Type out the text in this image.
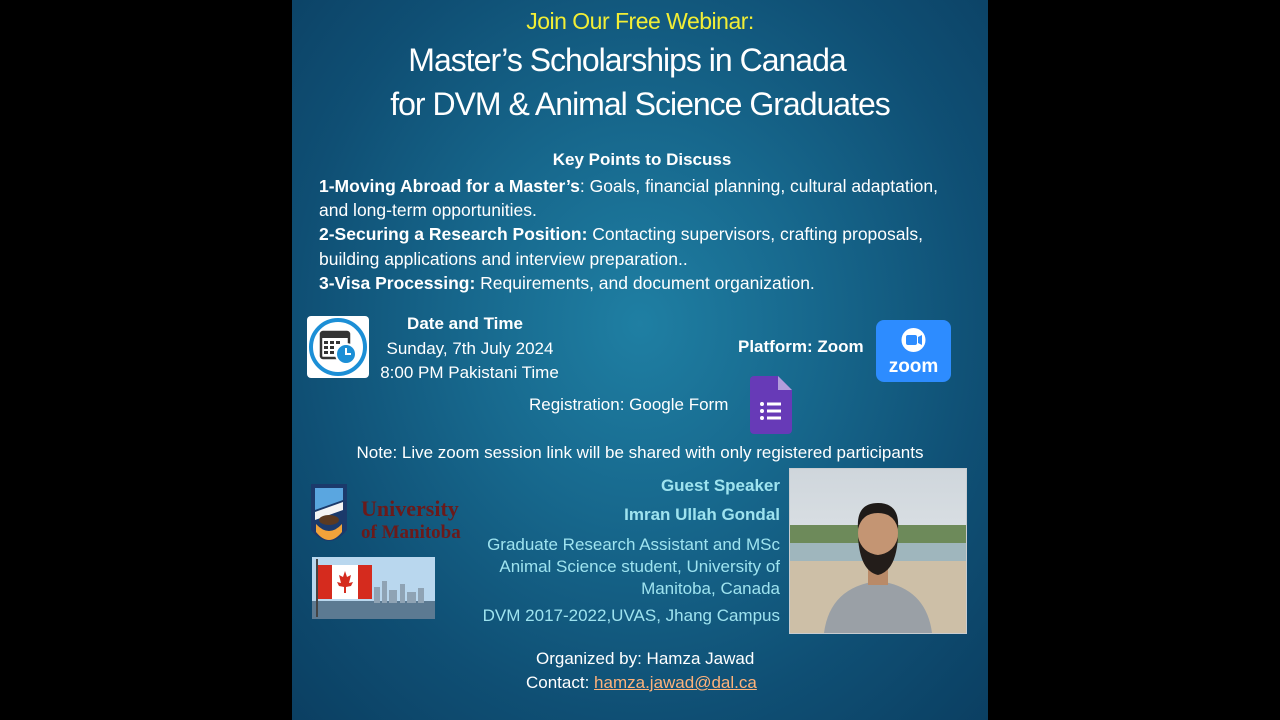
Join Our Free Webinar:
Master’s Scholarships in Canada
for DVM & Animal Science Graduates
Key Points to Discuss
1-Moving Abroad for a Master’s: Goals, financial planning, cultural adaptation, and long-term opportunities.
2-Securing a Research Position: Contacting supervisors, crafting proposals, building applications and interview preparation..
3-Visa Processing: Requirements, and document organization.
Date and Time
Sunday, 7th July 2024
8:00 PM Pakistani Time
Platform: Zoom
zoom
Registration: Google Form
Note: Live zoom session link will be shared with only registered participants
University
of Manitoba
Guest Speaker
Imran Ullah Gondal
Graduate Research Assistant and MSc Animal Science student, University of Manitoba, Canada
DVM 2017-2022,UVAS, Jhang Campus
Organized by: Hamza Jawad
Contact: hamza.jawad@dal.ca
